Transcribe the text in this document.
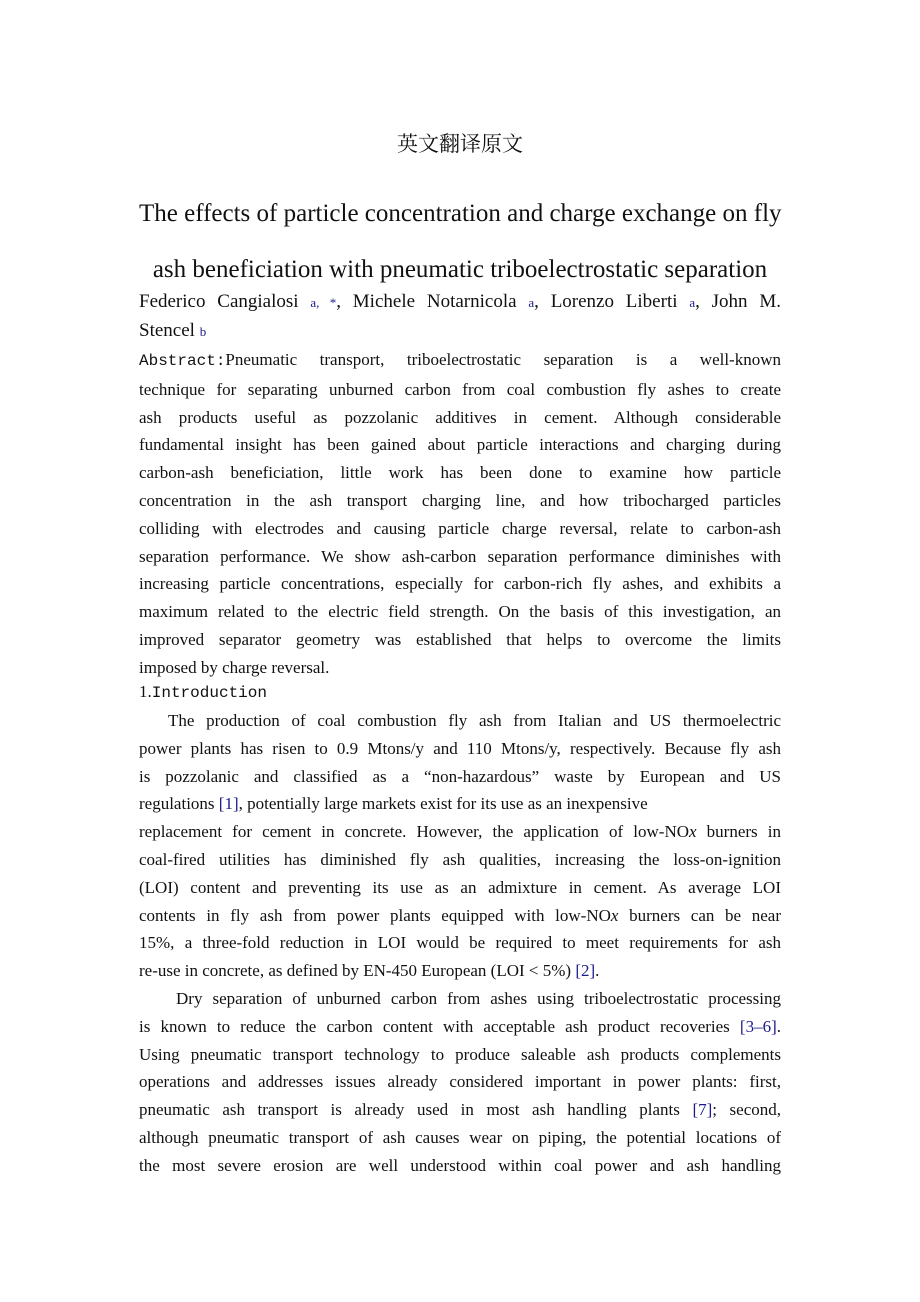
英文翻译原文
The effects of particle concentration and charge exchange on fly
ash beneficiation with pneumatic triboelectrostatic separation
Federico Cangialosi a, *, Michele Notarnicola a, Lorenzo Liberti a, John M.
Stencel b
Abstract:Pneumatic transport, triboelectrostatic separation is a well-known
technique for separating unburned carbon from coal combustion fly ashes to create
ash products useful as pozzolanic additives in cement. Although considerable
fundamental insight has been gained about particle interactions and charging during
carbon-ash beneficiation, little work has been done to examine how particle
concentration in the ash transport charging line, and how tribocharged particles
colliding with electrodes and causing particle charge reversal, relate to carbon-ash
separation performance. We show ash-carbon separation performance diminishes with
increasing particle concentrations, especially for carbon-rich fly ashes, and exhibits a
maximum related to the electric field strength. On the basis of this investigation, an
improved separator geometry was established that helps to overcome the limits
imposed by charge reversal.
1.Introduction
The production of coal combustion fly ash from Italian and US thermoelectric
power plants has risen to 0.9 Mtons/y and 110 Mtons/y, respectively. Because fly ash
is pozzolanic and classified as a “non-hazardous” waste by European and US
regulations [1], potentially large markets exist for its use as an inexpensive
replacement for cement in concrete. However, the application of low-NOx burners in
coal-fired utilities has diminished fly ash qualities, increasing the loss-on-ignition
(LOI) content and preventing its use as an admixture in cement. As average LOI
contents in fly ash from power plants equipped with low-NOx burners can be near
15%, a three-fold reduction in LOI would be required to meet requirements for ash
re-use in concrete, as defined by EN-450 European (LOI < 5%) [2].
Dry separation of unburned carbon from ashes using triboelectrostatic processing
is known to reduce the carbon content with acceptable ash product recoveries [3–6].
Using pneumatic transport technology to produce saleable ash products complements
operations and addresses issues already considered important in power plants: first,
pneumatic ash transport is already used in most ash handling plants [7]; second,
although pneumatic transport of ash causes wear on piping, the potential locations of
the most severe erosion are well understood within coal power and ash handling
